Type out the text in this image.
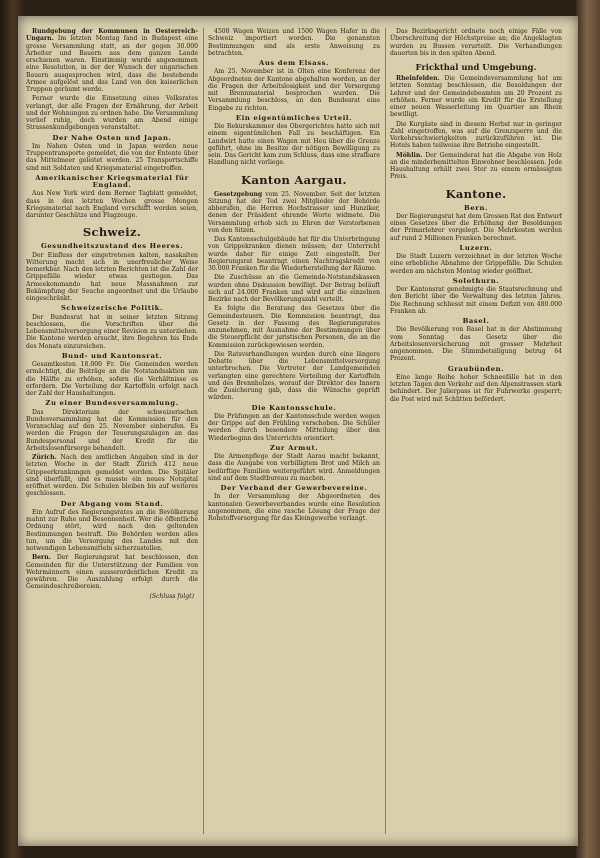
Rundgebung der Kommunen in Oesterreich-Ungarn. Im letzten Montag fand in Budapest eine grosse Versammlung statt, an der gegen 30.000 Arbeiter und Bauern aus dem ganzen Lande erschienen waren. Einstimmig wurde angenommen eine Resolution, in der der Wunsch der ungarischen Bauern ausgesprochen wird, dass die bestehende Armee aufgelöst und das Land von den kaiserlichen Truppen geräumt werde.

Ferner wurde die Einsetzung eines Volksrates verlangt, der alle Fragen der Ernährung, der Arbeit und der Wohnungen zu ordnen habe. Die Versammlung verlief ruhig, doch wurden am Abend einige Strassenkundgebungen veranstaltet.

Der Nahe Osten und Japan.

Im Nahen Osten und in Japan werden neue Truppentransporte gemeldet, die von der Entente über das Mittelmeer geleitet werden. 25 Transportschiffe sind mit Soldaten und Kriegsmaterial eingetroffen.

Amerikanischer Kriegsmaterial für England.

Aus New York wird dem Berner Tagblatt gemeldet, dass in den letzten Wochen grosse Mengen Kriegsmaterial nach England verschifft worden seien, darunter Geschütze und Flugzeuge.

Schweiz.
Gesundheitszustand des Heeres.

Der Einfluss der eingetretenen kalten, nasskalten Witterung macht sich in unerfreulicher Weise bemerkbar. Nach den letzten Berichten ist die Zahl der Grippefälle wieder etwas gestiegen. Das Armeekommando hat neue Massnahmen zur Bekämpfung der Seuche angeordnet und die Urlaube eingeschränkt.

Schweizerische Politik.

Der Bundesrat hat in seiner letzten Sitzung beschlossen, die Vorschriften über die Lebensmittelversorgung einer Revision zu unterziehen. Die Kantone werden ersucht, ihre Begehren bis Ende des Monats einzureichen.

Bund- und Kantonsrat.

Gesamtkosten 18.000 Fr. Die Gemeinden werden ermächtigt, die Beiträge an die Notstandsaktion um die Hälfte zu erhöhen, sofern die Verhältnisse es erfordern. Die Verteilung der Kartoffeln erfolgt nach der Zahl der Haushaltungen.

Zu einer Bundesversammlung.

Das Direktorium der schweizerischen Bundesversammlung hat die Kommission für den Voranschlag auf den 25. November einberufen. Es werden die Fragen der Teuerungszulagen an das Bundespersonal und der Kredit für die Arbeitslosenfürsorge behandelt.

Zürich. Nach den amtlichen Angaben sind in der letzten Woche in der Stadt Zürich 412 neue Grippeerkrankungen gemeldet worden. Die Spitäler sind überfüllt, und es musste ein neues Notspital eröffnet werden. Die Schulen bleiben bis auf weiteres geschlossen.

Der Abgang vom Stand.

Ein Aufruf des Regierungsrates an die Bevölkerung mahnt zur Ruhe und Besonnenheit. Wer die öffentliche Ordnung stört, wird nach den geltenden Bestimmungen bestraft. Die Behörden werden alles tun, um die Versorgung des Landes mit den notwendigen Lebensmitteln sicherzustellen.

Bern. Der Regierungsrat hat beschlossen, den Gemeinden für die Unterstützung der Familien von Wehrmännern einen ausserordentlichen Kredit zu gewähren. Die Auszahlung erfolgt durch die Gemeindeschreibereien.

(Schluss folgt)

4500 Wagen Weizen und 1500 Wagen Hafer in die Schweiz importiert worden. Die genannten Bestimmungen sind als erste Anweisung zu betrachten.

Aus dem Elsass.

Am 25. November ist in Olten eine Konferenz der Abgeordneten der Kantone abgehalten worden, an der die Fragen der Arbeitslosigkeit und der Versorgung mit Brennmaterial besprochen wurden. Die Versammlung beschloss, an den Bundesrat eine Eingabe zu richten.

Ein eigentümliches Urteil.

Die Rekurskammer des Obergerichtes hatte sich mit einem eigentümlichen Fall zu beschäftigen. Ein Landwirt hatte einen Wagen mit Heu über die Grenze geführt, ohne im Besitze der nötigen Bewilligung zu sein. Das Gericht kam zum Schluss, dass eine strafbare Handlung nicht vorliege.

Kanton Aargau.

Gesetzgebung vom 25. November. Seit der letzten Sitzung hat der Tod zwei Mitglieder der Behörde abberufen, die Herren Hochstrasser und Hunziker, denen der Präsident ehrende Worte widmete. Die Versammlung erhob sich zu Ehren der Verstorbenen von den Sitzen.

Das Kantonsschulgebäude hat für die Unterbringung von Grippekranken dienen müssen; der Unterricht wurde daher für einige Zeit eingestellt. Der Regierungsrat beantragt einen Nachtragskredit von 30.000 Franken für die Wiederherstellung der Räume.

Die Zuschüsse an die Gemeinde-Notstandskassen wurden ohne Diskussion bewilligt. Der Betrag beläuft sich auf 24.000 Franken und wird auf die einzelnen Bezirke nach der Bevölkerungszahl verteilt.

Es folgte die Beratung des Gesetzes über die Gemeindesteuern. Die Kommission beantragt, das Gesetz in der Fassung des Regierungsrates anzunehmen, mit Ausnahme der Bestimmungen über die Steuerpflicht der juristischen Personen, die an die Kommission zurückgewiesen werden.

Die Ratsverhandlungen wurden durch eine längere Debatte über die Lebensmittelversorgung unterbrochen. Die Vertreter der Landgemeinden verlangten eine gerechtere Verteilung der Kartoffeln und des Brennholzes, worauf der Direktor des Innern die Zusicherung gab, dass die Wünsche geprüft würden.

Die Kantonsschule.

Die Prüfungen an der Kantonsschule werden wegen der Grippe auf den Frühling verschoben. Die Schüler werden durch besondere Mitteilung über den Wiederbeginn des Unterrichts orientiert.

Zur Armut.

Die Armenpflege der Stadt Aarau macht bekannt, dass die Ausgabe von verbilligtem Brot und Milch an bedürftige Familien weitergeführt wird. Anmeldungen sind auf dem Stadtbureau zu machen.

Der Verband der Gewerbevereine.

In der Versammlung der Abgeordneten des kantonalen Gewerbeverbandes wurde eine Resolution angenommen, die eine rasche Lösung der Frage der Rohstoffversorgung für das Kleingewerbe verlangt.

Das Bezirksgericht ordnete noch einige Fälle von Überschreitung der Höchstpreise an; die Angeklagten wurden zu Bussen verurteilt. Die Verhandlungen dauerten bis in den späten Abend.

Frickthal und Umgebung.

Rheinfelden. Die Gemeindeversammlung hat am letzten Sonntag beschlossen, die Besoldungen der Lehrer und der Gemeindebeamten um 20 Prozent zu erhöhen. Ferner wurde ein Kredit für die Erstellung einer neuen Wasserleitung im Quartier am Rhein bewilligt.

Die Kurgäste sind in diesem Herbst nur in geringer Zahl eingetroffen, was auf die Grenzsperre und die Verkehrsschwierigkeiten zurückzuführen ist. Die Hotels haben teilweise ihre Betriebe eingestellt.

Möhlin. Der Gemeinderat hat die Abgabe von Holz an die minderbemittelten Einwohner beschlossen. Jede Haushaltung erhält zwei Ster zu einem ermässigten Preis.

Kantone.
Bern.

Der Regierungsrat hat dem Grossen Rat den Entwurf eines Gesetzes über die Erhöhung der Besoldungen der Primarlehrer vorgelegt. Die Mehrkosten werden auf rund 2 Millionen Franken berechnet.

Luzern.

Die Stadt Luzern verzeichnet in der letzten Woche eine erhebliche Abnahme der Grippefälle. Die Schulen werden am nächsten Montag wieder geöffnet.

Solothurn.

Der Kantonsrat genehmigte die Staatsrechnung und den Bericht über die Verwaltung des letzten Jahres. Die Rechnung schliesst mit einem Defizit von 480.000 Franken ab.

Basel.

Die Bevölkerung von Basel hat in der Abstimmung vom Sonntag das Gesetz über die Arbeitslosenversicherung mit grosser Mehrheit angenommen. Die Stimmbeteiligung betrug 64 Prozent.

Graubünden.

Eine lange Reihe hoher Schneefälle hat in den letzten Tagen den Verkehr auf den Alpenstrassen stark behindert. Der Julierpass ist für Fuhrwerke gesperrt; die Post wird mit Schlitten befördert.
